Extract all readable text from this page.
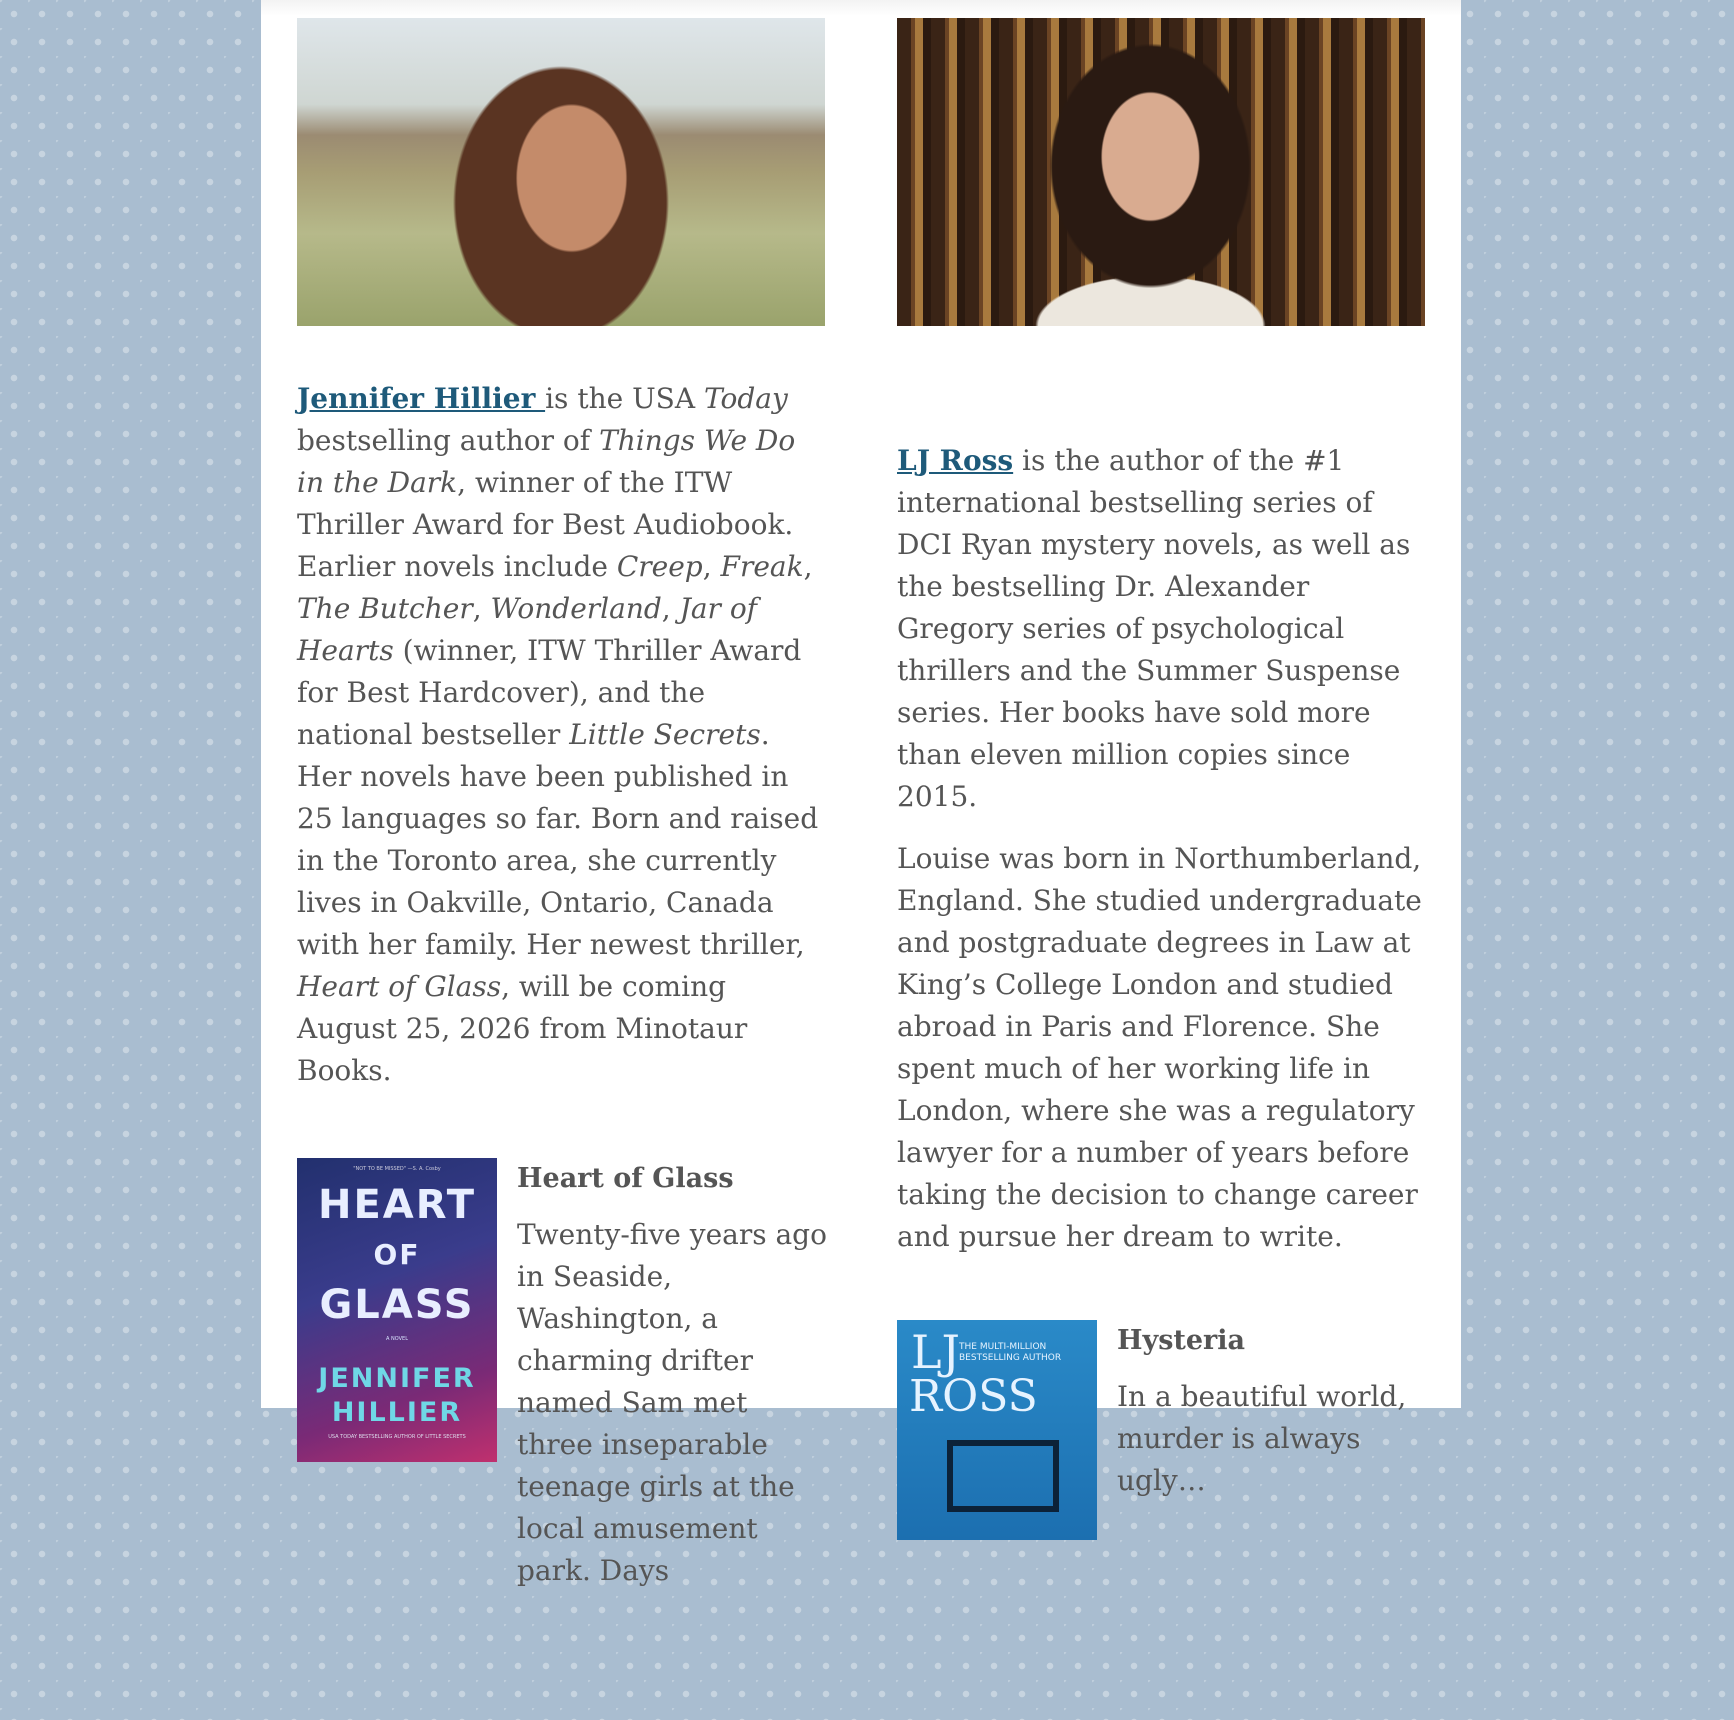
Jennifer Hillier is the USA Today bestselling author of Things We Do in the Dark, winner of the ITW Thriller Award for Best Audiobook. Earlier novels include Creep, Freak, The Butcher, Wonderland, Jar of Hearts (winner, ITW Thriller Award for Best Hardcover), and the national bestseller Little Secrets. Her novels have been published in 25 languages so far. Born and raised in the Toronto area, she currently lives in Oakville, Ontario, Canada with her family. Her newest thriller, Heart of Glass, will be coming August 25, 2026 from Minotaur Books.

"NOT TO BE MISSED" —S. A. Cosby
HEART
OF
GLASS
A NOVEL
JENNIFER
HILLIER
USA TODAY BESTSELLING AUTHOR OF LITTLE SECRETS
Heart of Glass

Twenty-five years ago in Seaside, Washington, a charming drifter named Sam met three inseparable teenage girls at the local amusement park. Days

LJ Ross is the author of the #1 international bestselling series of DCI Ryan mystery novels, as well as the bestselling Dr. Alexander Gregory series of psychological thrillers and the Summer Suspense series. Her books have sold more than eleven million copies since 2015.

Louise was born in Northumberland, England. She studied undergraduate and postgraduate degrees in Law at King’s College London and studied abroad in Paris and Florence. She spent much of her working life in London, where she was a regulatory lawyer for a number of years before taking the decision to change career and pursue her dream to write.

LJ THE MULTI-MILLION BESTSELLING AUTHOR
ROSS
Hysteria

In a beautiful world, murder is always ugly…
